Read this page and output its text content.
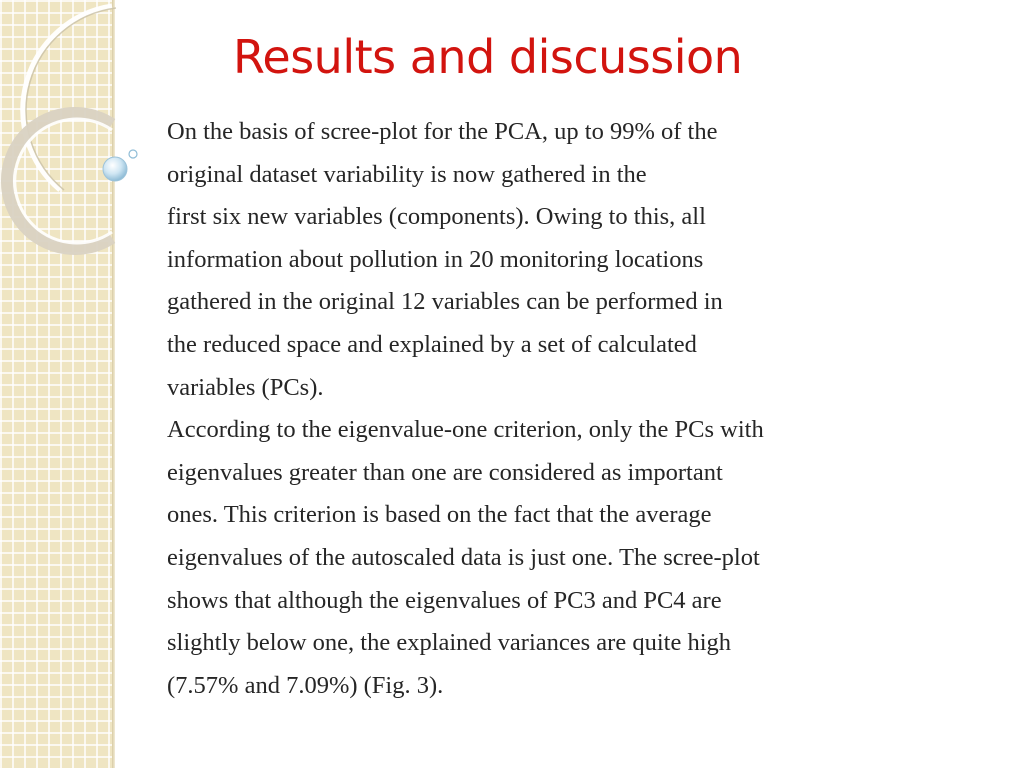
Results and discussion
On the basis of scree-plot for the PCA, up to 99% of the
original dataset variability is now gathered in the
first six new variables (components). Owing to this, all
information about pollution in 20 monitoring locations
gathered in the original 12 variables can be performed in
the reduced space and explained by a set of calculated
variables (PCs).
According to the eigenvalue-one criterion, only the PCs with
eigenvalues greater than one are considered as important
ones. This criterion is based on the fact that the average
eigenvalues of the autoscaled data is just one. The scree-plot
shows that although the eigenvalues of PC3 and PC4 are
slightly below one, the explained variances are quite high
(7.57% and 7.09%) (Fig. 3).
